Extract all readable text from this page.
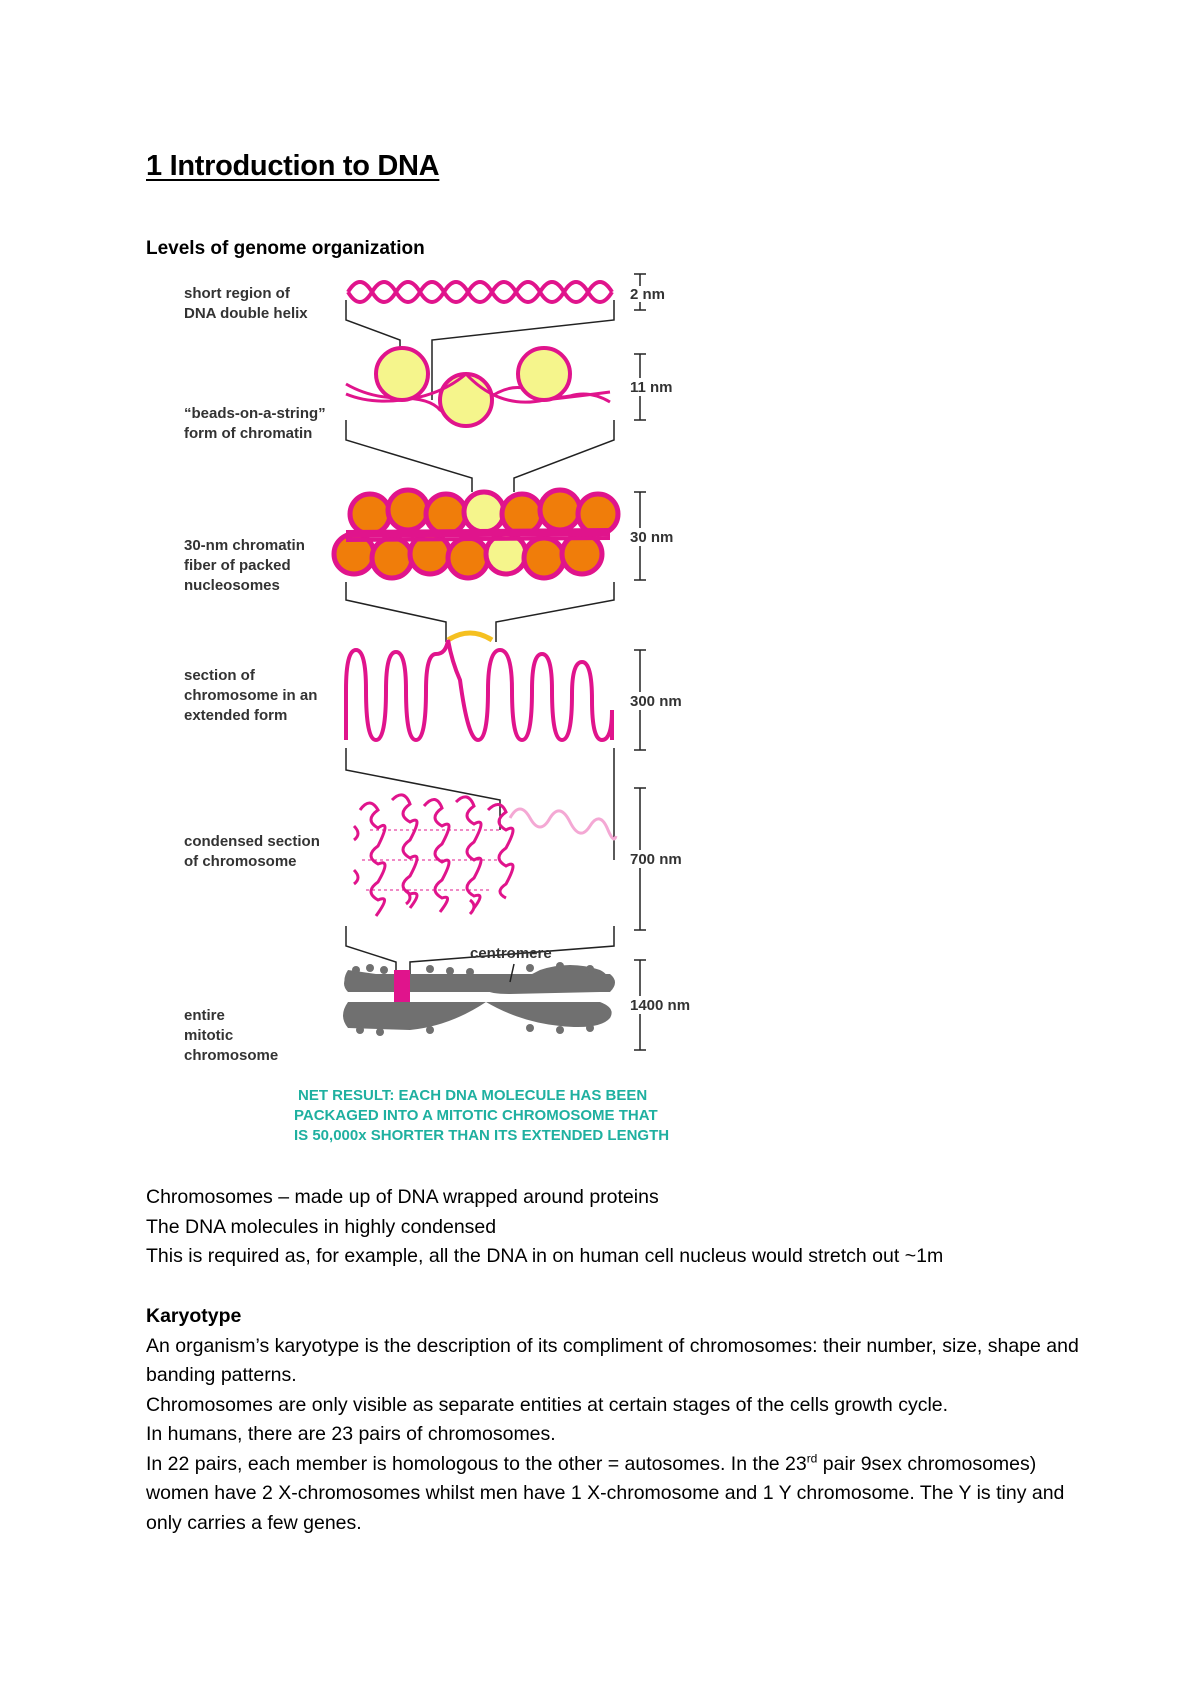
1 Introduction to DNA
Levels of genome organization
short region of
DNA double helix
“beads-on-a-string”
form of chromatin
30-nm chromatin
fiber of packed
nucleosomes
section of
chromosome in an
extended form
condensed section
of chromosome
entire
mitotic
chromosome
centromere
2 nm
11 nm
30 nm
300 nm
700 nm
1400 nm
NET RESULT: EACH DNA MOLECULE HAS BEEN
PACKAGED INTO A MITOTIC CHROMOSOME THAT
IS 50,000x SHORTER THAN ITS EXTENDED LENGTH

Chromosomes – made up of DNA wrapped around proteins

The DNA molecules in highly condensed

This is required as, for example, all the DNA in on human cell nucleus would stretch out ~1m

Karyotype

An organism’s karyotype is the description of its compliment of chromosomes: their number, size, shape and banding patterns.

Chromosomes are only visible as separate entities at certain stages of the cells growth cycle.

In humans, there are 23 pairs of chromosomes.

In 22 pairs, each member is homologous to the other = autosomes. In the 23rd pair 9sex chromosomes) women have 2 X-chromosomes whilst men have 1 X-chromosome and 1 Y chromosome. The Y is tiny and only carries a few genes.
